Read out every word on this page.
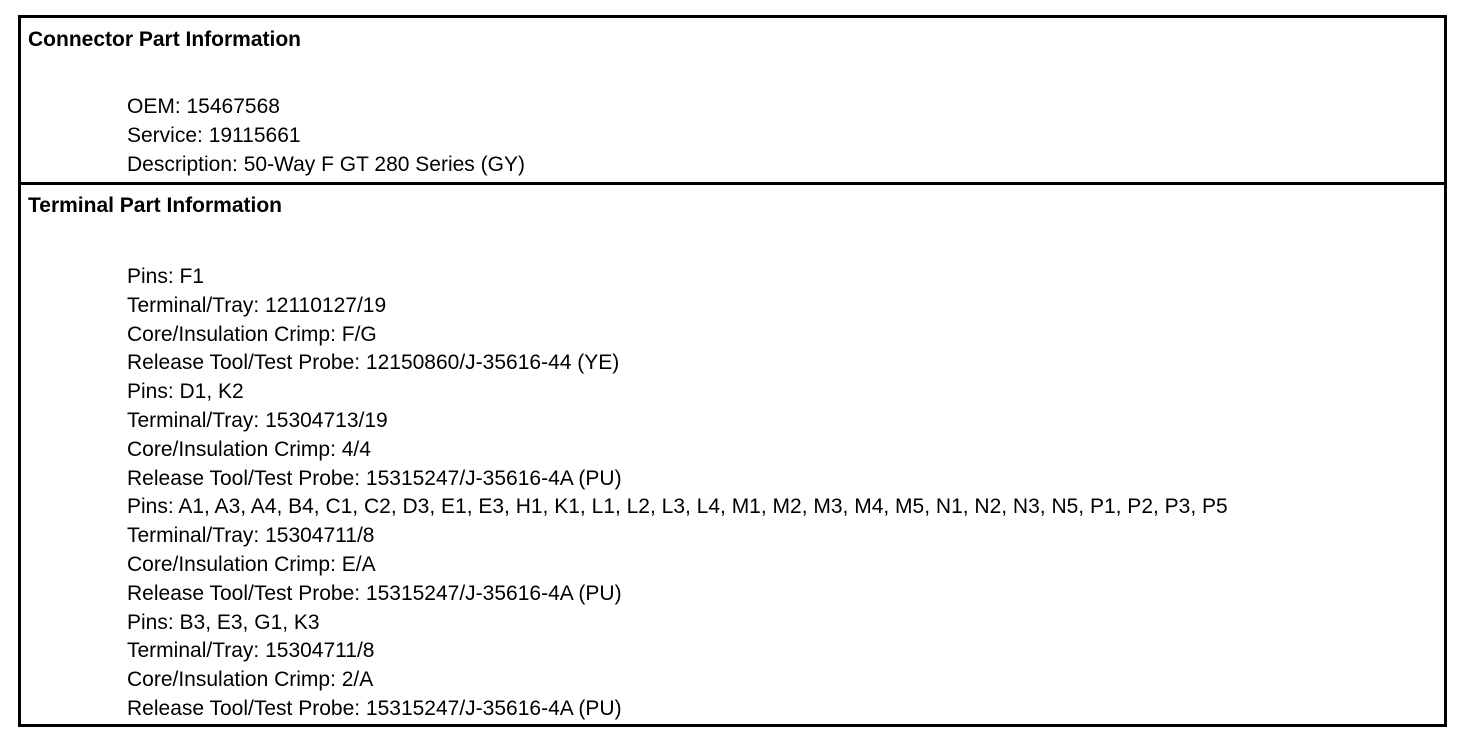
Connector Part Information
OEM: 15467568
Service: 19115661
Description: 50-Way F GT 280 Series (GY)
Terminal Part Information
Pins: F1
Terminal/Tray: 12110127/19
Core/Insulation Crimp: F/G
Release Tool/Test Probe: 12150860/J-35616-44 (YE)
Pins: D1, K2
Terminal/Tray: 15304713/19
Core/Insulation Crimp: 4/4
Release Tool/Test Probe: 15315247/J-35616-4A (PU)
Pins: A1, A3, A4, B4, C1, C2, D3, E1, E3, H1, K1, L1, L2, L3, L4, M1, M2, M3, M4, M5, N1, N2, N3, N5, P1, P2, P3, P5
Terminal/Tray: 15304711/8
Core/Insulation Crimp: E/A
Release Tool/Test Probe: 15315247/J-35616-4A (PU)
Pins: B3, E3, G1, K3
Terminal/Tray: 15304711/8
Core/Insulation Crimp: 2/A
Release Tool/Test Probe: 15315247/J-35616-4A (PU)
